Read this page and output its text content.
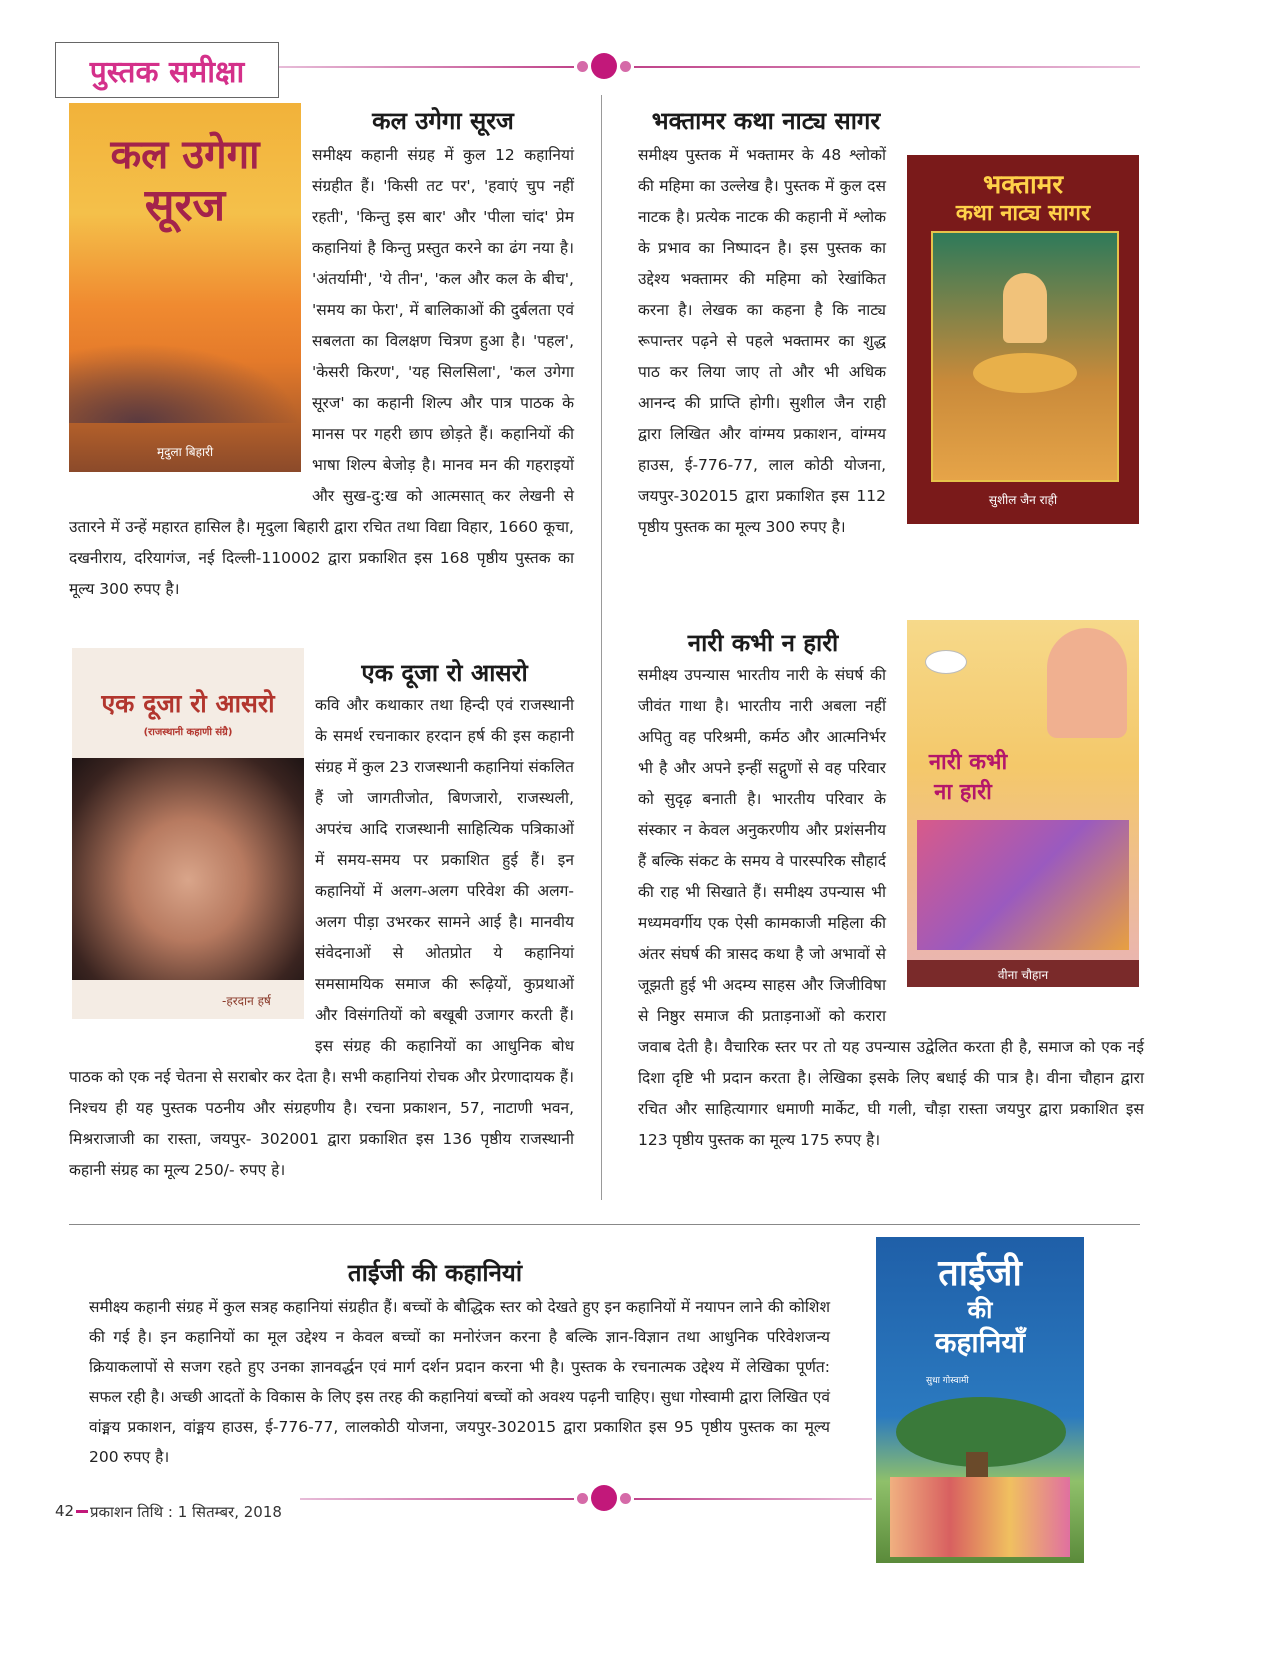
पुस्तक समीक्षा
कल उगेगा
सूरज
मृदुला बिहारी
कल उगेगा सूरज
समीक्ष्य कहानी संग्रह में कुल 12 कहानियां संग्रहीत हैं। 'किसी तट पर', 'हवाएं चुप नहीं रहती', 'किन्तु इस बार' और 'पीला चांद' प्रेम कहानियां है किन्तु प्रस्तुत करने का ढंग नया है। 'अंतर्यामी', 'ये तीन', 'कल और कल के बीच', 'समय का फेरा', में बालिकाओं की दुर्बलता एवं सबलता का विलक्षण चित्रण हुआ है। 'पहल', 'केसरी किरण', 'यह सिलसिला', 'कल उगेगा सूरज' का कहानी शिल्प और पात्र पाठक के मानस पर गहरी छाप छोड़ते हैं। कहानियों की भाषा शिल्प बेजोड़ है। मानव मन की गहराइयों और सुख-दु:ख को आत्मसात् कर लेखनी से उतारने में उन्हें महारत हासिल है। मृदुला बिहारी द्वारा रचित तथा विद्या विहार, 1660 कूचा, दखनीराय, दरियागंज, नई दिल्ली-110002 द्वारा प्रकाशित इस 168 पृष्ठीय पुस्तक का मूल्य 300 रुपए है।
भक्तामर कथा नाट्य सागर
समीक्ष्य पुस्तक में भक्तामर के 48 श्लोकों की महिमा का उल्लेख है। पुस्तक में कुल दस नाटक है। प्रत्येक नाटक की कहानी में श्लोक के प्रभाव का निष्पादन है। इस पुस्तक का उद्देश्य भक्तामर की महिमा को रेखांकित करना है। लेखक का कहना है कि नाट्य रूपान्तर पढ़ने से पहले भक्तामर का शुद्ध पाठ कर लिया जाए तो और भी अधिक आनन्द की प्राप्ति होगी। सुशील जैन राही द्वारा लिखित और वांग्मय प्रकाशन, वांग्मय हाउस, ई-776-77, लाल कोठी योजना, जयपुर-302015 द्वारा प्रकाशित इस 112 पृष्ठीय पुस्तक का मूल्य 300 रुपए है।
भक्तामर
कथा नाट्य सागर
सुशील जैन राही
एक दूजा रो आसरो
(राजस्थानी कहाणी संग्रै)
-हरदान हर्ष
एक दूजा रो आसरो
कवि और कथाकार तथा हिन्दी एवं राजस्थानी के समर्थ रचनाकार हरदान हर्ष की इस कहानी संग्रह में कुल 23 राजस्थानी कहानियां संकलित हैं जो जागतीजोत, बिणजारो, राजस्थली, अपरंच आदि राजस्थानी साहित्यिक पत्रिकाओं में समय-समय पर प्रकाशित हुई हैं। इन कहानियों में अलग-अलग परिवेश की अलग-अलग पीड़ा उभरकर सामने आई है। मानवीय संवेदनाओं से ओतप्रोत ये कहानियां समसामयिक समाज की रूढ़ियों, कुप्रथाओं और विसंगतियों को बखूबी उजागर करती हैं। इस संग्रह की कहानियों का आधुनिक बोध पाठक को एक नई चेतना से सराबोर कर देता है। सभी कहानियां रोचक और प्रेरणादायक हैं। निश्चय ही यह पुस्तक पठनीय और संग्रहणीय है। रचना प्रकाशन, 57, नाटाणी भवन, मिश्रराजाजी का रास्ता, जयपुर- 302001 द्वारा प्रकाशित इस 136 पृष्ठीय राजस्थानी कहानी संग्रह का मूल्य 250/- रुपए हे।
नारी कभी न हारी
समीक्ष्य उपन्यास भारतीय नारी के संघर्ष की जीवंत गाथा है। भारतीय नारी अबला नहीं अपितु वह परिश्रमी, कर्मठ और आत्मनिर्भर भी है और अपने इन्हीं सद्गुणों से वह परिवार को सुदृढ़ बनाती है। भारतीय परिवार के संस्कार न केवल अनुकरणीय और प्रशंसनीय हैं बल्कि संकट के समय वे पारस्परिक सौहार्द की राह भी सिखाते हैं। समीक्ष्य उपन्यास भी मध्यमवर्गीय एक ऐसी कामकाजी महिला की अंतर संघर्ष की त्रासद कथा है जो अभावों से जूझती हुई भी अदम्य साहस और जिजीविषा से निष्ठुर समाज की प्रताड़नाओं को करारा जवाब देती है। वैचारिक स्तर पर तो यह उपन्यास उद्वेलित करता ही है, समाज को एक नई दिशा दृष्टि भी प्रदान करता है। लेखिका इसके लिए बधाई की पात्र है। वीना चौहान द्वारा रचित और साहित्यागार धमाणी मार्केट, घी गली, चौड़ा रास्ता जयपुर द्वारा प्रकाशित इस 123 पृष्ठीय पुस्तक का मूल्य 175 रुपए है।
नारी कभी
ना हारी
वीना चौहान
ताईजी की कहानियां
समीक्ष्य कहानी संग्रह में कुल सत्रह कहानियां संग्रहीत हैं। बच्चों के बौद्धिक स्तर को देखते हुए इन कहानियों में नयापन लाने की कोशिश की गई है। इन कहानियों का मूल उद्देश्य न केवल बच्चों का मनोरंजन करना है बल्कि ज्ञान-विज्ञान तथा आधुनिक परिवेशजन्य क्रियाकलापों से सजग रहते हुए उनका ज्ञानवर्द्धन एवं मार्ग दर्शन प्रदान करना भी है। पुस्तक के रचनात्मक उद्देश्य में लेखिका पूर्णत: सफल रही है। अच्छी आदतों के विकास के लिए इस तरह की कहानियां बच्चों को अवश्य पढ़नी चाहिए। सुधा गोस्वामी द्वारा लिखित एवं वांङ्मय प्रकाशन, वांङ्मय हाउस, ई-776-77, लालकोठी योजना, जयपुर-302015 द्वारा प्रकाशित इस 95 पृष्ठीय पुस्तक का मूल्य 200 रुपए है।
ताईजी
की
कहानियाँ
सुधा गोस्वामी
42 प्रकाशन तिथि : 1 सितम्बर, 2018
